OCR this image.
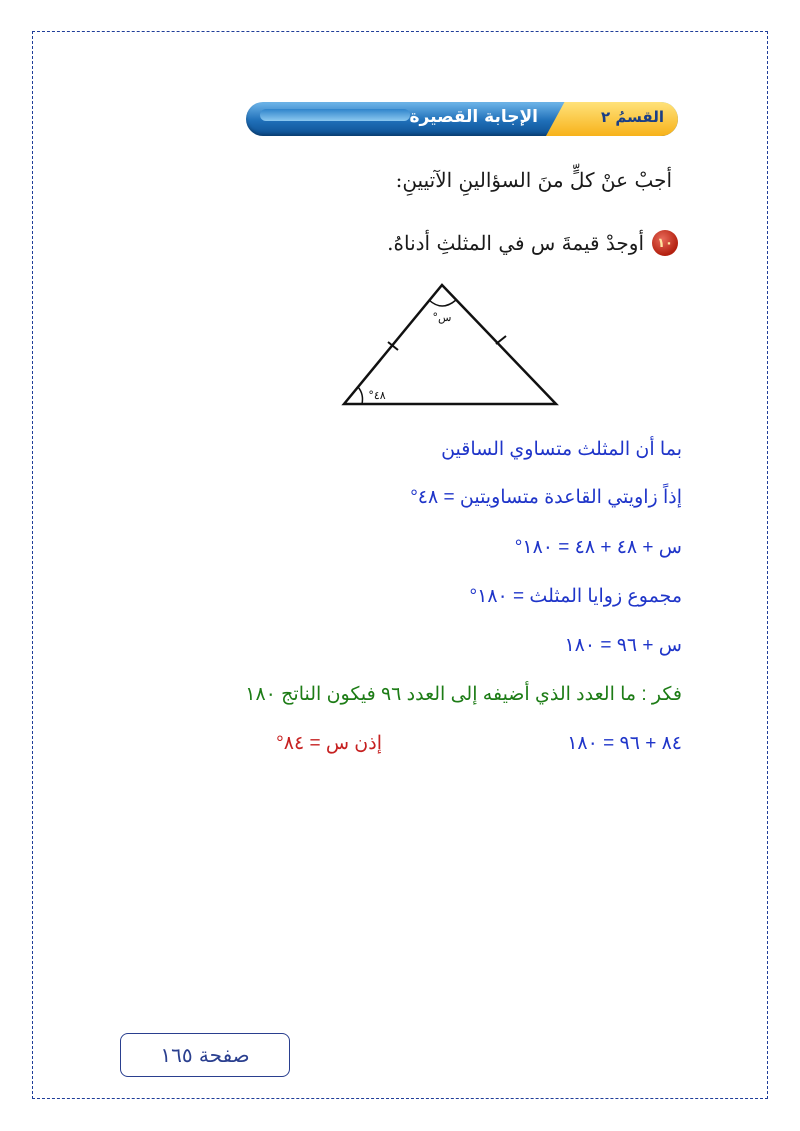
الإجابة القصيرة	القسمُ ٢
أجبْ عنْ كلٍّ منَ السؤالينِ الآتيينِ:
١٠
أوجدْ قيمةَ س في المثلثِ أدناهُ.
س°
°٤٨
بما أن المثلث متساوي الساقين
إذاً زاويتي القاعدة متساويتين = ٤٨°
س + ٤٨ + ٤٨ = ١٨٠°
مجموع زوايا المثلث = ١٨٠°
س + ٩٦ = ١٨٠
فكر : ما العدد الذي أضيفه إلى العدد ٩٦ فيكون الناتج ١٨٠
٨٤ + ٩٦ = ١٨٠
إذن س = ٨٤°
صفحة ١٦٥
